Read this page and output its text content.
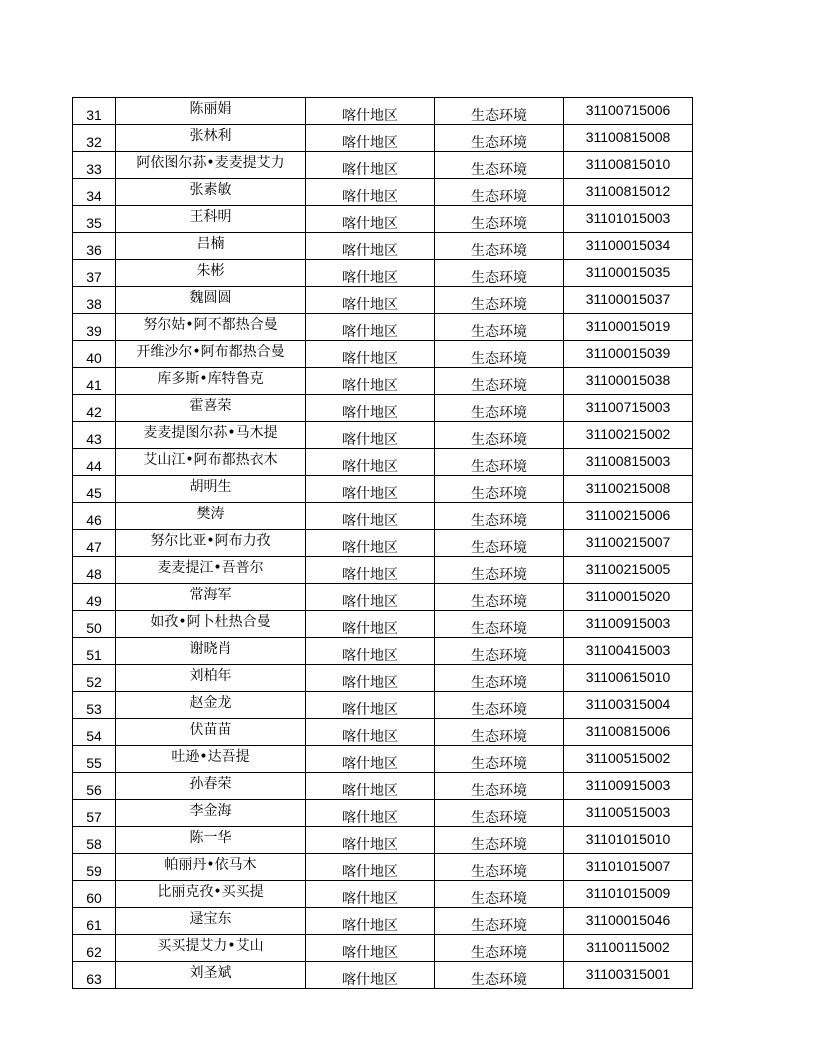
31	陈丽娟	喀什地区	生态环境	31100715006
32	张林利	喀什地区	生态环境	31100815008
33	阿依图尔荪•麦麦提艾力	喀什地区	生态环境	31100815010
34	张素敏	喀什地区	生态环境	31100815012
35	王科明	喀什地区	生态环境	31101015003
36	吕楠	喀什地区	生态环境	31100015034
37	朱彬	喀什地区	生态环境	31100015035
38	魏圆圆	喀什地区	生态环境	31100015037
39	努尔姑•阿不都热合曼	喀什地区	生态环境	31100015019
40	开维沙尔•阿布都热合曼	喀什地区	生态环境	31100015039
41	库多斯•库特鲁克	喀什地区	生态环境	31100015038
42	霍喜荣	喀什地区	生态环境	31100715003
43	麦麦提图尔荪•马木提	喀什地区	生态环境	31100215002
44	艾山江•阿布都热衣木	喀什地区	生态环境	31100815003
45	胡明生	喀什地区	生态环境	31100215008
46	樊涛	喀什地区	生态环境	31100215006
47	努尔比亚•阿布力孜	喀什地区	生态环境	31100215007
48	麦麦提江•吾普尔	喀什地区	生态环境	31100215005
49	常海军	喀什地区	生态环境	31100015020
50	如孜•阿卜杜热合曼	喀什地区	生态环境	31100915003
51	谢晓肖	喀什地区	生态环境	31100415003
52	刘柏年	喀什地区	生态环境	31100615010
53	赵金龙	喀什地区	生态环境	31100315004
54	伏苗苗	喀什地区	生态环境	31100815006
55	吐逊•达吾提	喀什地区	生态环境	31100515002
56	孙春荣	喀什地区	生态环境	31100915003
57	李金海	喀什地区	生态环境	31100515003
58	陈一华	喀什地区	生态环境	31101015010
59	帕丽丹•依马木	喀什地区	生态环境	31101015007
60	比丽克孜•买买提	喀什地区	生态环境	31101015009
61	逯宝东	喀什地区	生态环境	31100015046
62	买买提艾力•艾山	喀什地区	生态环境	31100115002
63	刘圣斌	喀什地区	生态环境	31100315001
